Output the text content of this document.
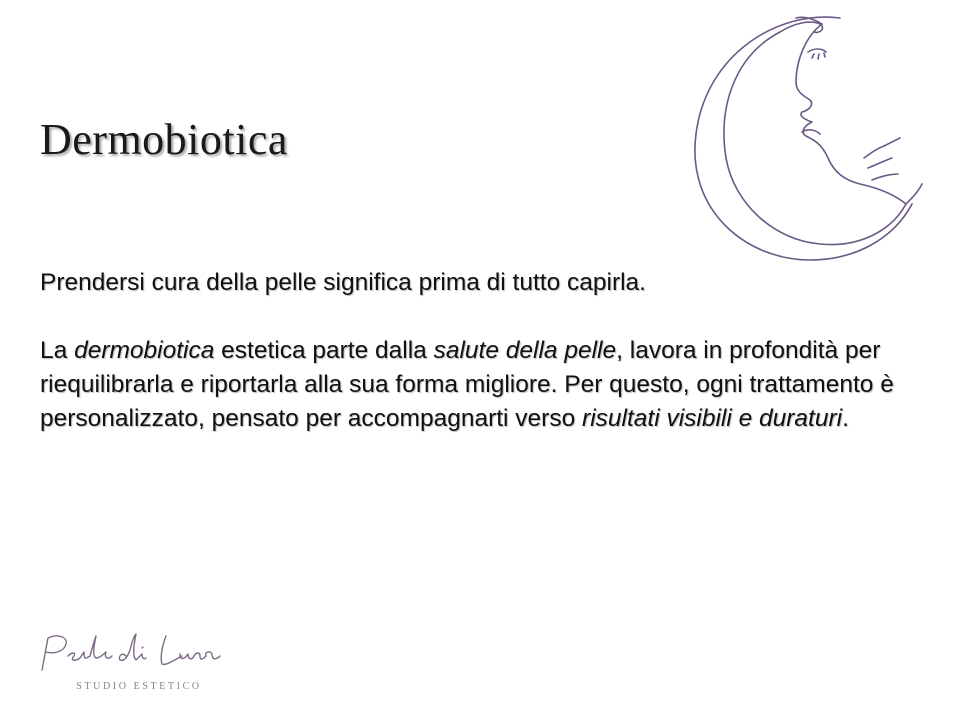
Dermobiotica

Prendersi cura della pelle significa prima di tutto capirla.

La dermobiotica estetica parte dalla salute della pelle, lavora in profondità per riequilibrarla e riportarla alla sua forma migliore. Per questo, ogni trattamento è personalizzato, pensato per accompagnarti verso risultati visibili e duraturi.

STUDIO ESTETICO
